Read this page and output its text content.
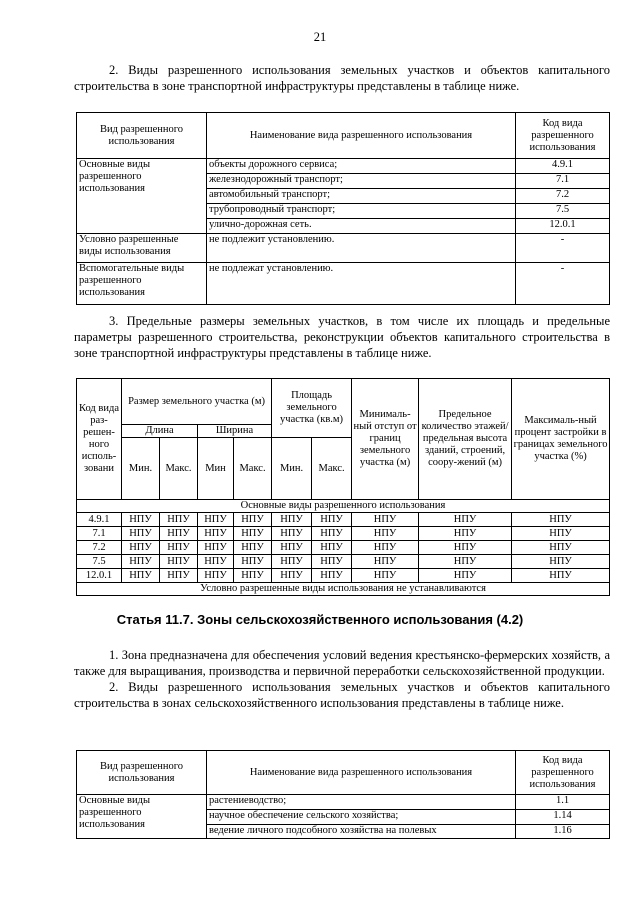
21

2. Виды разрешенного использования земельных участков и объектов капитального строительства в зоне транспортной инфраструктуры представлены в таблице ниже.

Вид разрешенного использования	Наименование вида разрешенного использования	Код вида разрешенного использования
Основные виды разрешенного использования	объекты дорожного сервиса;	4.9.1
	железнодорожный транспорт;	7.1
	автомобильный транспорт;	7.2
	трубопроводный транспорт;	7.5
	улично-дорожная сеть.	12.0.1
Условно разрешенные виды использования	не подлежит установлению.	-
Вспомогательные виды разрешенного использования	не подлежат установлению.	-

3. Предельные размеры земельных участков, в том числе их площадь и предельные параметры разрешенного строительства, реконструкции объектов капитального строительства в зоне транспортной инфраструктуры представлены в таблице ниже.

Код вида раз-решен-ного исполь-зовани	Размер земельного участка (м)				Площадь земельного участка (кв.м)		Минималь-ный отступ от границ земельного участка (м)	Предельное количество этажей/ предельная высота зданий, строений, соору-жений (м)	Максималь-ный процент застройки в границах земельного участка (%)
	Длина		Ширина						
	Мин.	Макс.	Мин	Макс.	Мин.	Макс.			
Основные виды разрешенного использования									
4.9.1	НПУ	НПУ	НПУ	НПУ	НПУ	НПУ	НПУ	НПУ	НПУ
7.1	НПУ	НПУ	НПУ	НПУ	НПУ	НПУ	НПУ	НПУ	НПУ
7.2	НПУ	НПУ	НПУ	НПУ	НПУ	НПУ	НПУ	НПУ	НПУ
7.5	НПУ	НПУ	НПУ	НПУ	НПУ	НПУ	НПУ	НПУ	НПУ
12.0.1	НПУ	НПУ	НПУ	НПУ	НПУ	НПУ	НПУ	НПУ	НПУ
Условно разрешенные виды использования не устанавливаются									
Статья 11.7. Зоны сельскохозяйственного использования (4.2)

1. Зона предназначена для обеспечения условий ведения крестьянско-фермерских хозяйств, а также для выращивания, производства и первичной переработки сельскохозяйственной продукции.

2. Виды разрешенного использования земельных участков и объектов капитального строительства в зонах сельскохозяйственного использования представлены в таблице ниже.

Вид разрешенного использования	Наименование вида разрешенного использования	Код вида разрешенного использования
Основные виды разрешенного использования	растениеводство;	1.1
	научное обеспечение сельского хозяйства;	1.14
	ведение личного подсобного хозяйства на полевых	1.16
